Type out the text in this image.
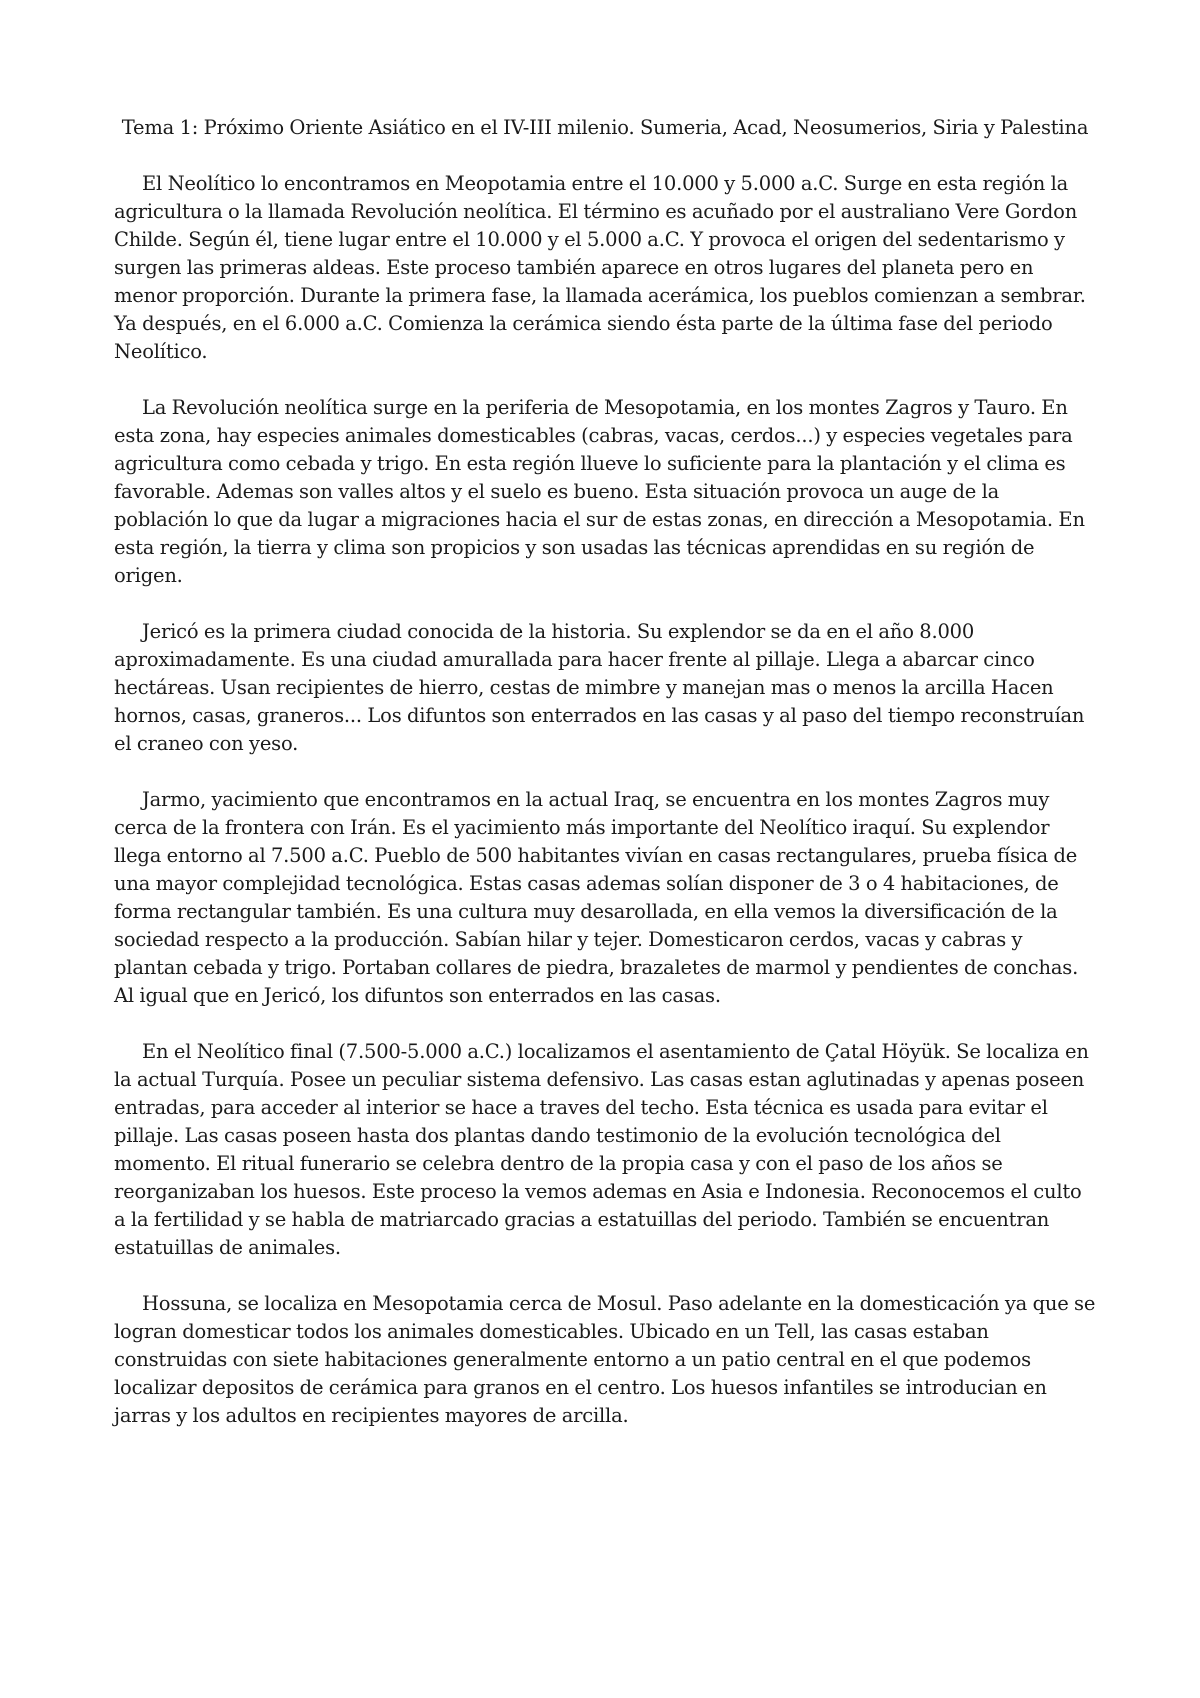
Tema 1: Próximo Oriente Asiático en el IV-III milenio. Sumeria, Acad, Neosumerios, Siria y Palestina

El Neolítico lo encontramos en Meopotamia entre el 10.000 y 5.000 a.C. Surge en esta región la agricultura o la llamada Revolución neolítica. El término es acuñado por el australiano Vere Gordon Childe. Según él, tiene lugar entre el 10.000 y el 5.000 a.C. Y provoca el origen del sedentarismo y surgen las primeras aldeas. Este proceso también aparece en otros lugares del planeta pero en menor proporción. Durante la primera fase, la llamada acerámica, los pueblos comienzan a sembrar. Ya después, en el 6.000 a.C. Comienza la cerámica siendo ésta parte de la última fase del periodo Neolítico.

La Revolución neolítica surge en la periferia de Mesopotamia, en los montes Zagros y Tauro. En esta zona, hay especies animales domesticables (cabras, vacas, cerdos...) y especies vegetales para agricultura como cebada y trigo. En esta región llueve lo suficiente para la plantación y el clima es favorable. Ademas son valles altos y el suelo es bueno. Esta situación provoca un auge de la población lo que da lugar a migraciones hacia el sur de estas zonas, en dirección a Mesopotamia. En esta región, la tierra y clima son propicios y son usadas las técnicas aprendidas en su región de origen.

Jericó es la primera ciudad conocida de la historia. Su explendor se da en el año 8.000 aproximadamente. Es una ciudad amurallada para hacer frente al pillaje. Llega a abarcar cinco hectáreas. Usan recipientes de hierro, cestas de mimbre y manejan mas o menos la arcilla Hacen hornos, casas, graneros... Los difuntos son enterrados en las casas y al paso del tiempo reconstruían el craneo con yeso.

Jarmo, yacimiento que encontramos en la actual Iraq, se encuentra en los montes Zagros muy cerca de la frontera con Irán. Es el yacimiento más importante del Neolítico iraquí. Su explendor llega entorno al 7.500 a.C. Pueblo de 500 habitantes vivían en casas rectangulares, prueba física de una mayor complejidad tecnológica. Estas casas ademas solían disponer de 3 o 4 habitaciones, de forma rectangular también. Es una cultura muy desarollada, en ella vemos la diversificación de la sociedad respecto a la producción. Sabían hilar y tejer. Domesticaron cerdos, vacas y cabras y plantan cebada y trigo. Portaban collares de piedra, brazaletes de marmol y pendientes de conchas. Al igual que en Jericó, los difuntos son enterrados en las casas.

En el Neolítico final (7.500-5.000 a.C.) localizamos el asentamiento de Çatal Höyük. Se localiza en la actual Turquía. Posee un peculiar sistema defensivo. Las casas estan aglutinadas y apenas poseen entradas, para acceder al interior se hace a traves del techo. Esta técnica es usada para evitar el pillaje. Las casas poseen hasta dos plantas dando testimonio de la evolución tecnológica del momento. El ritual funerario se celebra dentro de la propia casa y con el paso de los años se reorganizaban los huesos. Este proceso la vemos ademas en Asia e Indonesia. Reconocemos el culto a la fertilidad y se habla de matriarcado gracias a estatuillas del periodo. También se encuentran estatuillas de animales.

Hossuna, se localiza en Mesopotamia cerca de Mosul. Paso adelante en la domesticación ya que se logran domesticar todos los animales domesticables. Ubicado en un Tell, las casas estaban construidas con siete habitaciones generalmente entorno a un patio central en el que podemos localizar depositos de cerámica para granos en el centro. Los huesos infantiles se introducian en jarras y los adultos en recipientes mayores de arcilla.
